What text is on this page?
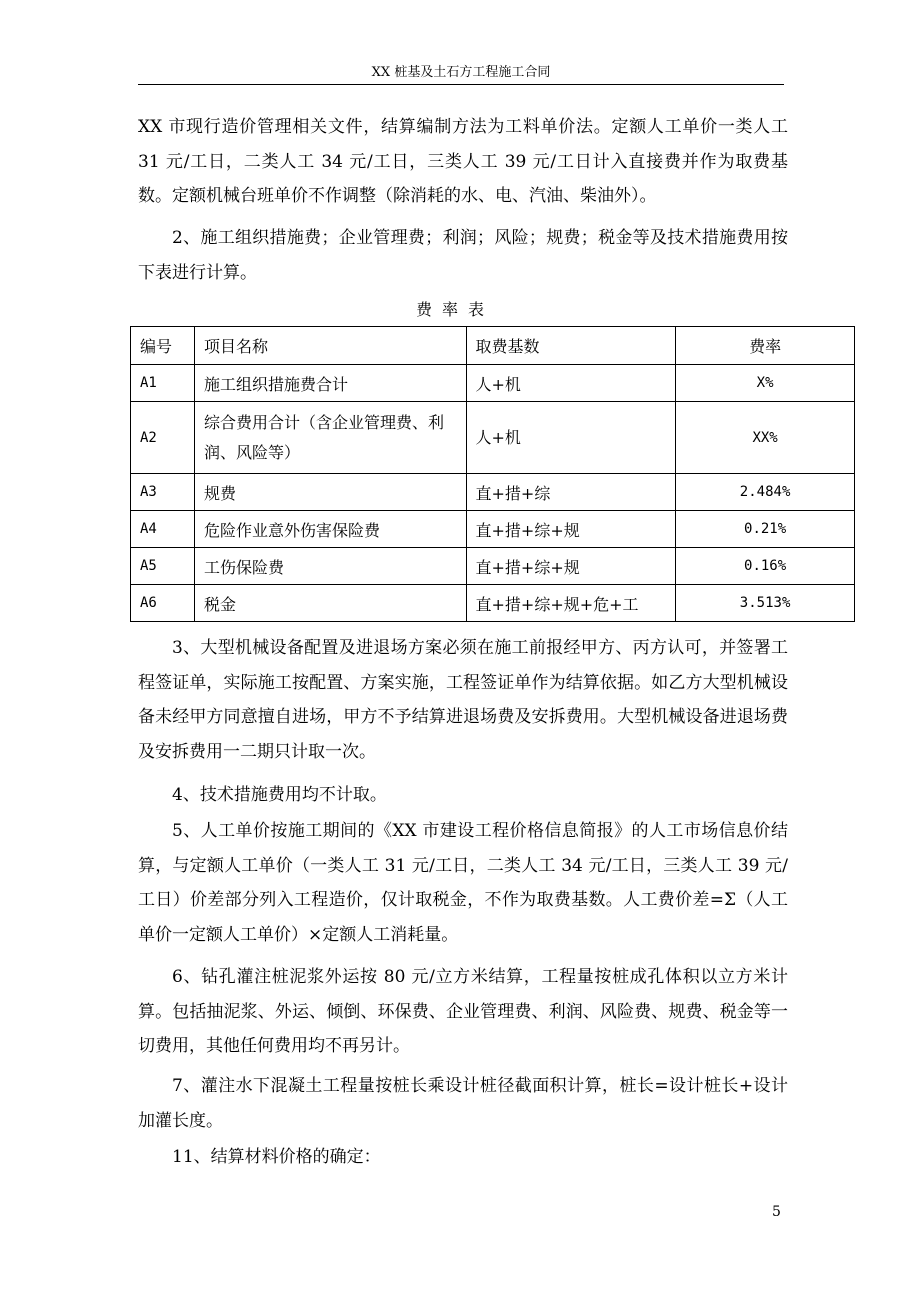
XX 桩基及土石方工程施工合同

XX 市现行造价管理相关文件，结算编制方法为工料单价法。定额人工单价一类人工 31 元/工日，二类人工 34 元/工日，三类人工 39 元/工日计入直接费并作为取费基数。定额机械台班单价不作调整（除消耗的水、电、汽油、柴油外）。

2、施工组织措施费；企业管理费；利润；风险；规费；税金等及技术措施费用按下表进行计算。

费率表
编号	项目名称	取费基数	费率
A1	施工组织措施费合计	人+机	X%
A2	综合费用合计（含企业管理费、利润、风险等）	人+机	XX%
A3	规费	直+措+综	2.484%
A4	危险作业意外伤害保险费	直+措+综+规	0.21%
A5	工伤保险费	直+措+综+规	0.16%
A6	税金	直+措+综+规+危+工	3.513%

3、大型机械设备配置及进退场方案必须在施工前报经甲方、丙方认可，并签署工程签证单，实际施工按配置、方案实施，工程签证单作为结算依据。如乙方大型机械设备未经甲方同意擅自进场，甲方不予结算进退场费及安拆费用。大型机械设备进退场费及安拆费用一二期只计取一次。

4、技术措施费用均不计取。

5、人工单价按施工期间的《XX 市建设工程价格信息简报》的人工市场信息价结算，与定额人工单价（一类人工 31 元/工日，二类人工 34 元/工日，三类人工 39 元/工日）价差部分列入工程造价，仅计取税金，不作为取费基数。人工费价差=Σ（人工单价一定额人工单价）×定额人工消耗量。

6、钻孔灌注桩泥浆外运按 80 元/立方米结算，工程量按桩成孔体积以立方米计算。包括抽泥浆、外运、倾倒、环保费、企业管理费、利润、风险费、规费、税金等一切费用，其他任何费用均不再另计。

7、灌注水下混凝土工程量按桩长乘设计桩径截面积计算，桩长=设计桩长+设计加灌长度。

11、结算材料价格的确定：

5
